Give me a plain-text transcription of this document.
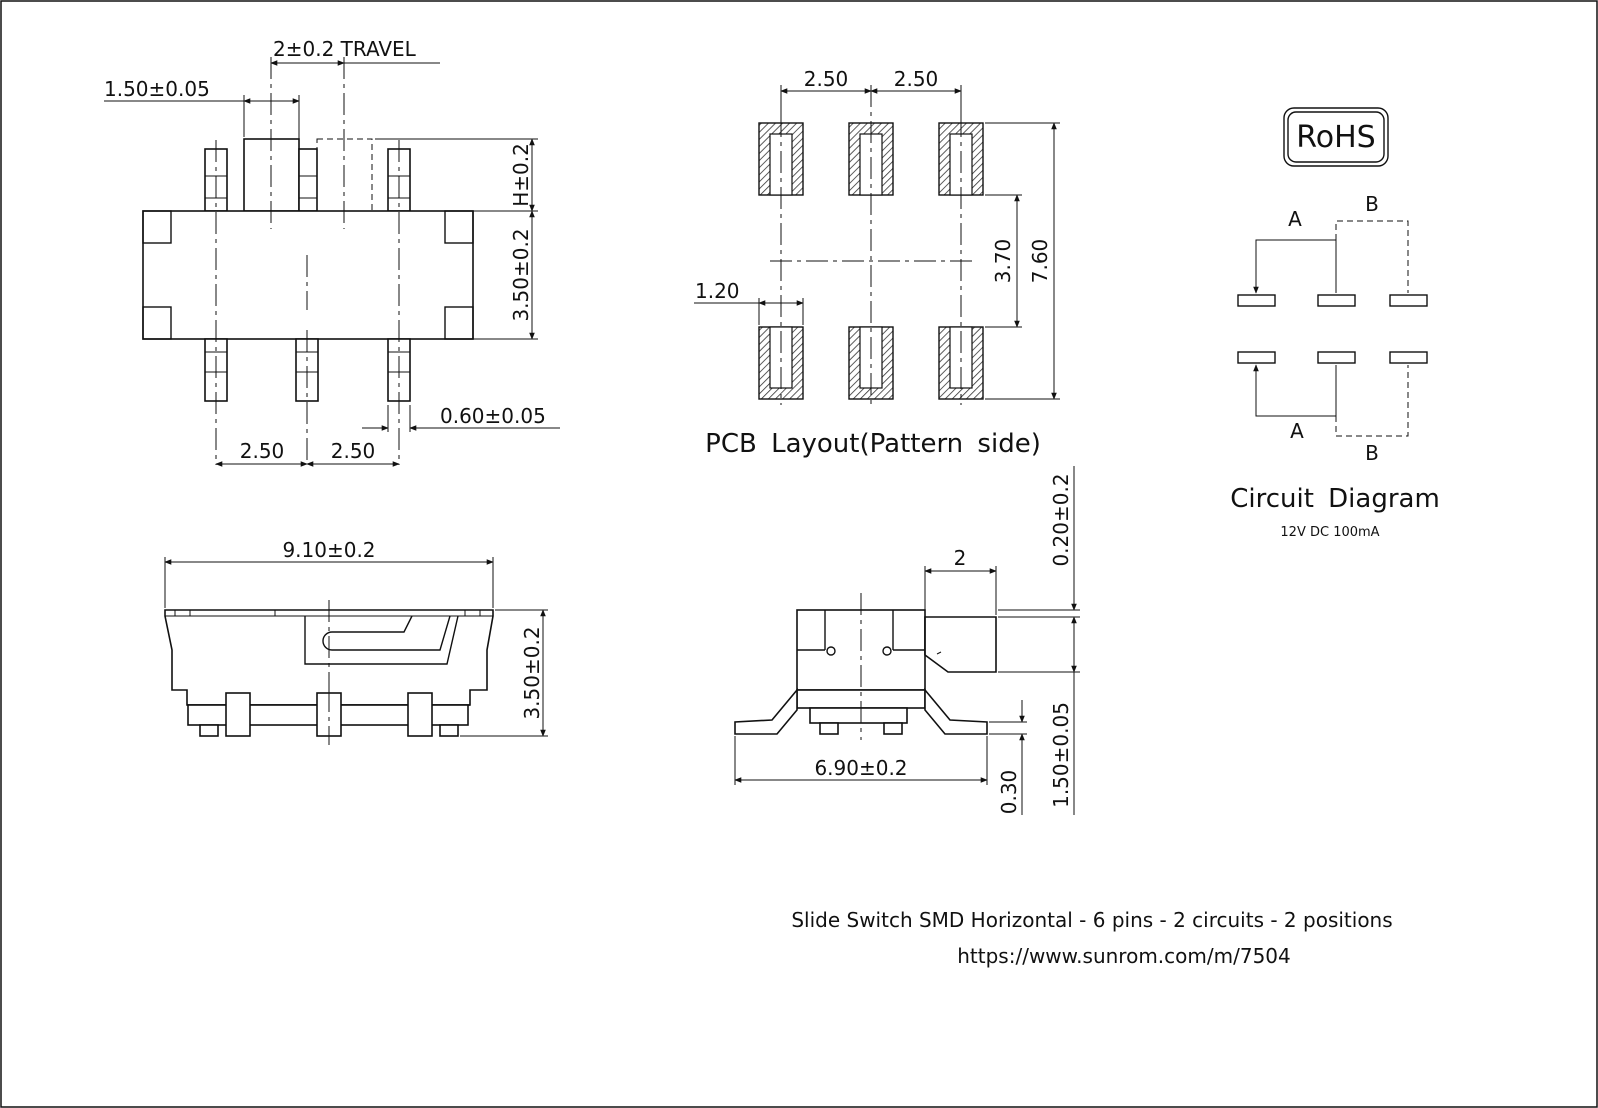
2±0.2 TRAVEL
1.50±0.05
H±0.2
3.50±0.2
0.60±0.05
2.50 2.50
2.50 2.50
1.20
3.70 7.60
PCB Layout(Pattern side)
RoHS
A
B
A
B
Circuit Diagram
12V DC 100mA
9.10±0.2
3.50±0.2
0.20±0.2
2
6.90±0.2
0.30 1.50±0.05
Slide Switch SMD Horizontal - 6 pins - 2 circuits - 2 positions
https://www.sunrom.com/m/7504
